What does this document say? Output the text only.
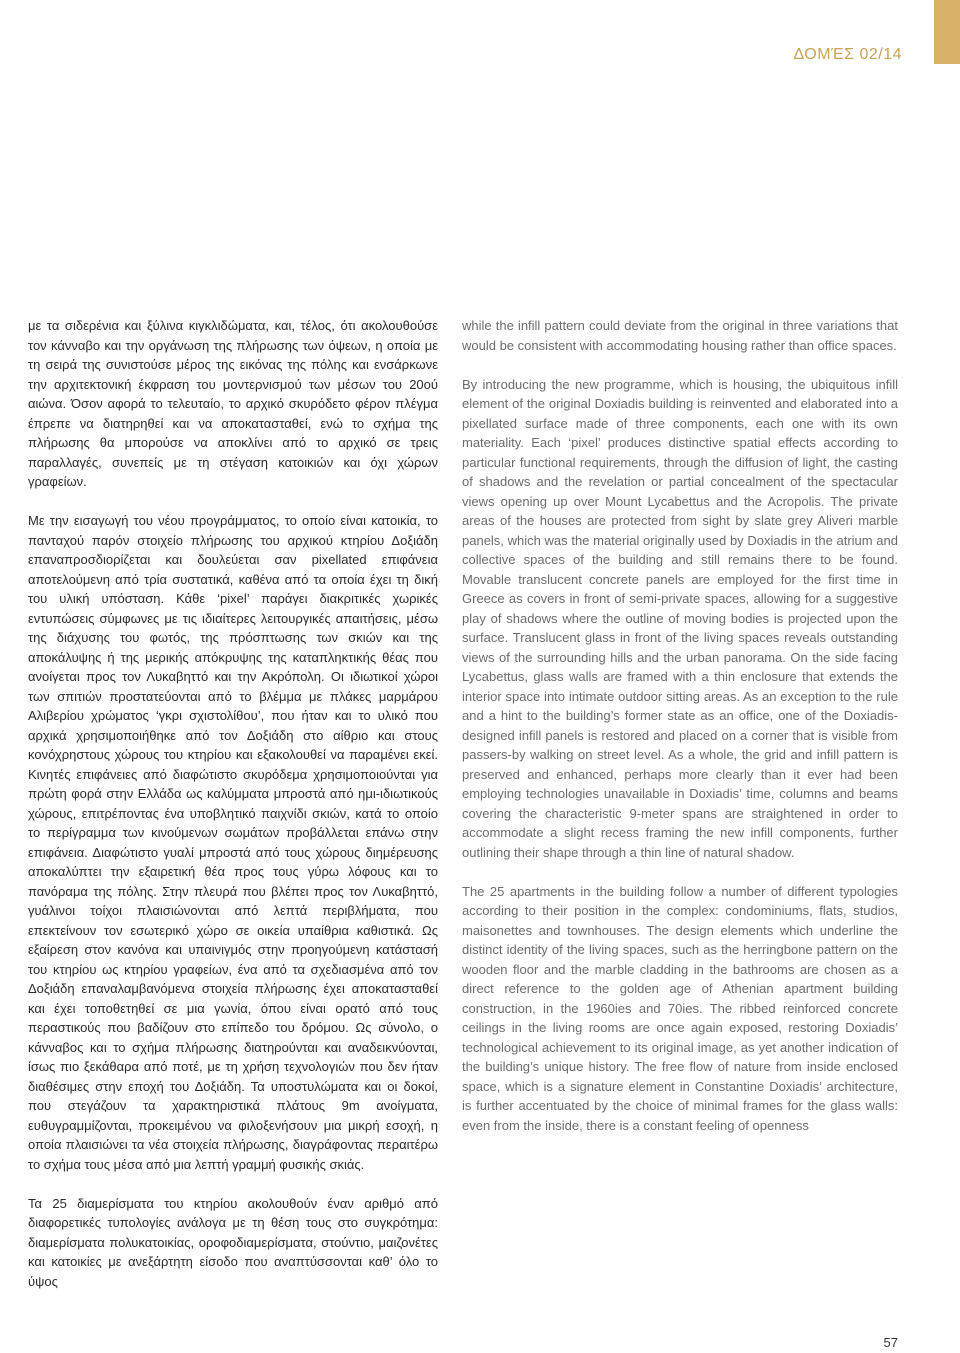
ΔΟΜΈΣ 02/14

με τα σιδερένια και ξύλινα κιγκλιδώματα, και, τέλος, ότι ακολουθούσε τον κάνναβο και την οργάνωση της πλήρωσης των όψεων, η οποία με τη σειρά της συνιστούσε μέρος της εικόνας της πόλης και ενσάρκωνε την αρχιτεκτονική έκφραση του μοντερνισμού των μέσων του 20ού αιώνα. Όσον αφορά το τελευταίο, το αρχικό σκυρόδετο φέρον πλέγμα έπρεπε να διατηρηθεί και να αποκατασταθεί, ενώ το σχήμα της πλήρωσης θα μπορούσε να αποκλίνει από το αρχικό σε τρεις παραλλαγές, συνεπείς με τη στέγαση κατοικιών και όχι χώρων γραφείων.

Με την εισαγωγή του νέου προγράμματος, το οποίο είναι κατοικία, το πανταχού παρόν στοιχείο πλήρωσης του αρχικού κτηρίου Δοξιάδη επαναπροσδιορίζεται και δουλεύεται σαν pixellated επιφάνεια αποτελούμενη από τρία συστατικά, καθένα από τα οποία έχει τη δική του υλική υπόσταση. Κάθε ‘pixel’ παράγει διακριτικές χωρικές εντυπώσεις σύμφωνες με τις ιδιαίτερες λειτουργικές απαιτήσεις, μέσω της διάχυσης του φωτός, της πρόσπτωσης των σκιών και της αποκάλυψης ή της μερικής απόκρυψης της καταπληκτικής θέας που ανοίγεται προς τον Λυκαβηττό και την Ακρόπολη. Οι ιδιωτικοί χώροι των σπιτιών προστατεύονται από το βλέμμα με πλάκες μαρμάρου Αλιβερίου χρώματος ‘γκρι σχιστολίθου’, που ήταν και το υλικό που αρχικά χρησιμοποιήθηκε από τον Δοξιάδη στο αίθριο και στους κονόχρηστους χώρους του κτηρίου και εξακολουθεί να παραμένει εκεί. Κινητές επιφάνειες από διαφώτιστο σκυρόδεμα χρησιμοποιούνται για πρώτη φορά στην Ελλάδα ως καλύμματα μπροστά από ημι-ιδιωτικούς χώρους, επιτρέποντας ένα υποβλητικό παιχνίδι σκιών, κατά το οποίο το περίγραμμα των κινούμενων σωμάτων προβάλλεται επάνω στην επιφάνεια. Διαφώτιστο γυαλί μπροστά από τους χώρους διημέρευσης αποκαλύπτει την εξαιρετική θέα προς τους γύρω λόφους και το πανόραμα της πόλης. Στην πλευρά που βλέπει προς τον Λυκαβηττό, γυάλινοι τοίχοι πλαισιώνονται από λεπτά περιβλήματα, που επεκτείνουν τον εσωτερικό χώρο σε οικεία υπαίθρια καθιστικά. Ως εξαίρεση στον κανόνα και υπαινιγμός στην προηγούμενη κατάστασή του κτηρίου ως κτηρίου γραφείων, ένα από τα σχεδιασμένα από τον Δοξιάδη επαναλαμβανόμενα στοιχεία πλήρωσης έχει αποκατασταθεί και έχει τοποθετηθεί σε μια γωνία, όπου είναι ορατό από τους περαστικούς που βαδίζουν στο επίπεδο του δρόμου. Ως σύνολο, ο κάνναβος και το σχήμα πλήρωσης διατηρούνται και αναδεικνύονται, ίσως πιο ξεκάθαρα από ποτέ, με τη χρήση τεχνολογιών που δεν ήταν διαθέσιμες στην εποχή του Δοξιάδη. Τα υποστυλώματα και οι δοκοί, που στεγάζουν τα χαρακτηριστικά πλάτους 9m ανοίγματα, ευθυγραμμίζονται, προκειμένου να φιλοξενήσουν μια μικρή εσοχή, η οποία πλαισιώνει τα νέα στοιχεία πλήρωσης, διαγράφοντας περαιτέρω το σχήμα τους μέσα από μια λεπτή γραμμή φυσικής σκιάς.

Τα 25 διαμερίσματα του κτηρίου ακολουθούν έναν αριθμό από διαφορετικές τυπολογίες ανάλογα με τη θέση τους στο συγκρότημα: διαμερίσματα πολυκατοικίας, οροφοδιαμερίσματα, στούντιο, μαιζονέτες και κατοικίες με ανεξάρτητη είσοδο που αναπτύσσονται καθ’ όλο το ύψος

while the infill pattern could deviate from the original in three variations that would be consistent with accommodating housing rather than office spaces.

By introducing the new programme, which is housing, the ubiquitous infill element of the original Doxiadis building is reinvented and elaborated into a pixellated surface made of three components, each one with its own materiality. Each ‘pixel’ produces distinctive spatial effects according to particular functional requirements, through the diffusion of light, the casting of shadows and the revelation or partial concealment of the spectacular views opening up over Mount Lycabettus and the Acropolis. The private areas of the houses are protected from sight by slate grey Aliveri marble panels, which was the material originally used by Doxiadis in the atrium and collective spaces of the building and still remains there to be found. Movable translucent concrete panels are employed for the first time in Greece as covers in front of semi-private spaces, allowing for a suggestive play of shadows where the outline of moving bodies is projected upon the surface. Translucent glass in front of the living spaces reveals outstanding views of the surrounding hills and the urban panorama. On the side facing Lycabettus, glass walls are framed with a thin enclosure that extends the interior space into intimate outdoor sitting areas. As an exception to the rule and a hint to the building’s former state as an office, one of the Doxiadis-designed infill panels is restored and placed on a corner that is visible from passers-by walking on street level. As a whole, the grid and infill pattern is preserved and enhanced, perhaps more clearly than it ever had been employing technologies unavailable in Doxiadis’ time, columns and beams covering the characteristic 9-meter spans are straightened in order to accommodate a slight recess framing the new infill components, further outlining their shape through a thin line of natural shadow.

The 25 apartments in the building follow a number of different typologies according to their position in the complex: condominiums, flats, studios, maisonettes and townhouses. The design elements which underline the distinct identity of the living spaces, such as the herringbone pattern on the wooden floor and the marble cladding in the bathrooms are chosen as a direct reference to the golden age of Athenian apartment building construction, in the 1960ies and 70ies. The ribbed reinforced concrete ceilings in the living rooms are once again exposed, restoring Doxiadis’ technological achievement to its original image, as yet another indication of the building’s unique history. The free flow of nature from inside enclosed space, which is a signature element in Constantine Doxiadis’ architecture, is further accentuated by the choice of minimal frames for the glass walls: even from the inside, there is a constant feeling of openness

57
